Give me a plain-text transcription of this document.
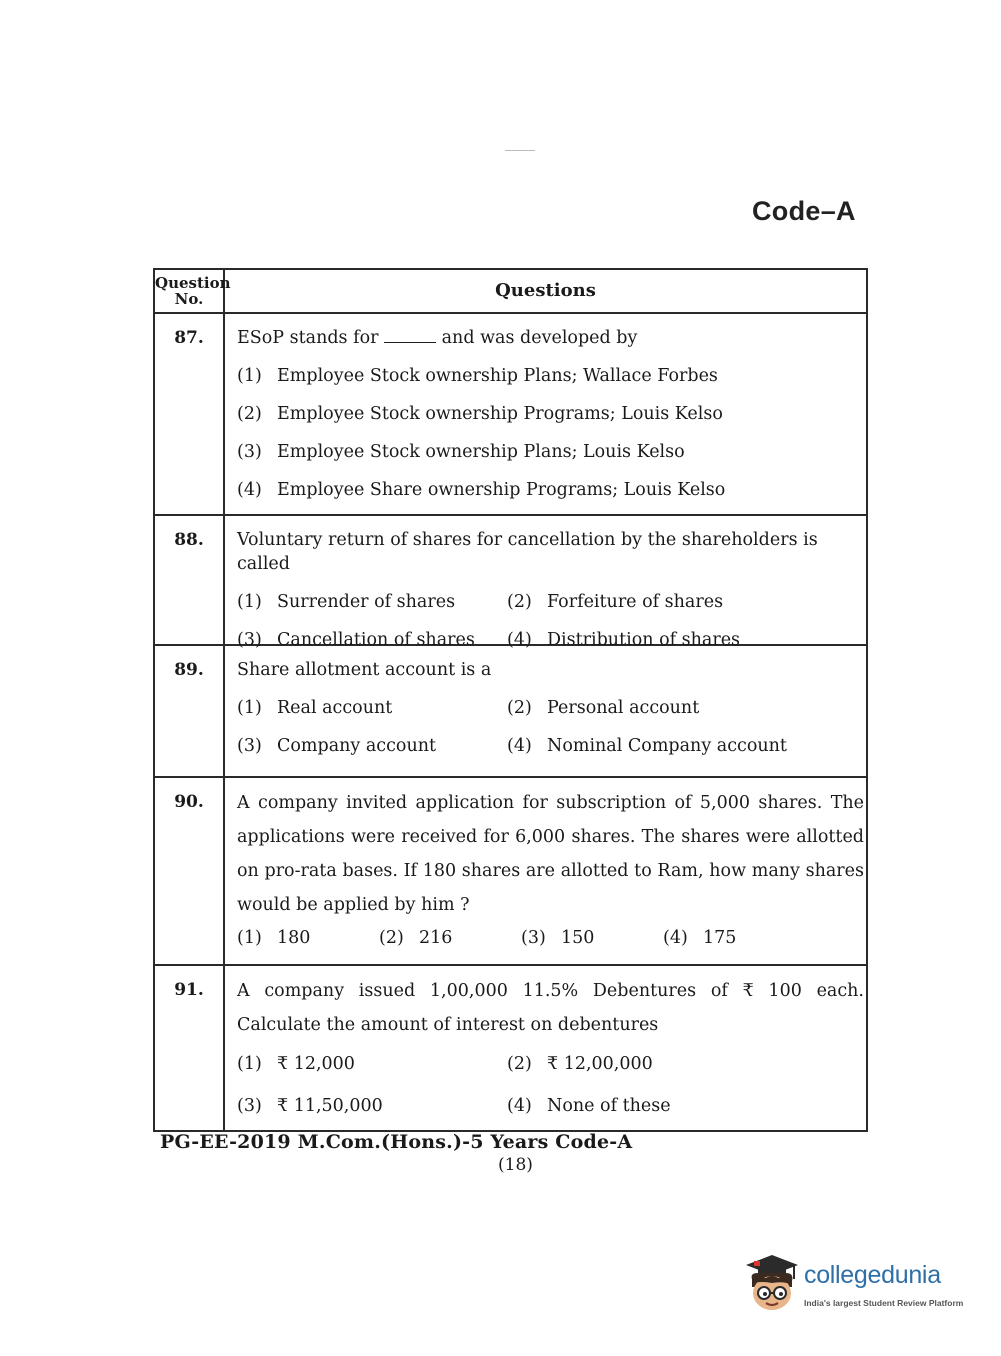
Code–A
Question No.	Questions
87.	ESoP stands for	and was developed by
(1) Employee Stock ownership Plans; Wallace Forbes
(2) Employee Stock ownership Programs; Louis Kelso
(3) Employee Stock ownership Plans; Louis Kelso
(4) Employee Share ownership Programs; Louis Kelso
88.	Voluntary return of shares for cancellation by the shareholders is called
(1) Surrender of shares	(2) Forfeiture of shares
(3) Cancellation of shares	(4) Distribution of shares
89.	Share allotment account is a
(1) Real account	(2) Personal account
(3) Company account	(4) Nominal Company account
90.	A company invited application for subscription of 5,000 shares. The applications were received for 6,000 shares. The shares were allotted on pro-rata bases. If 180 shares are allotted to Ram, how many shares would be applied by him ?
(1) 180	(2) 216	(3) 150	(4) 175
91.	A company issued 1,00,000 11.5% Debentures of ₹ 100 each. Calculate the amount of interest on debentures
(1) ₹ 12,000	(2) ₹ 12,00,000
(3) ₹ 11,50,000	(4) None of these
PG-EE-2019 M.Com.(Hons.)-5 Years Code-A
(18)
collegedunia
India's largest Student Review Platform
